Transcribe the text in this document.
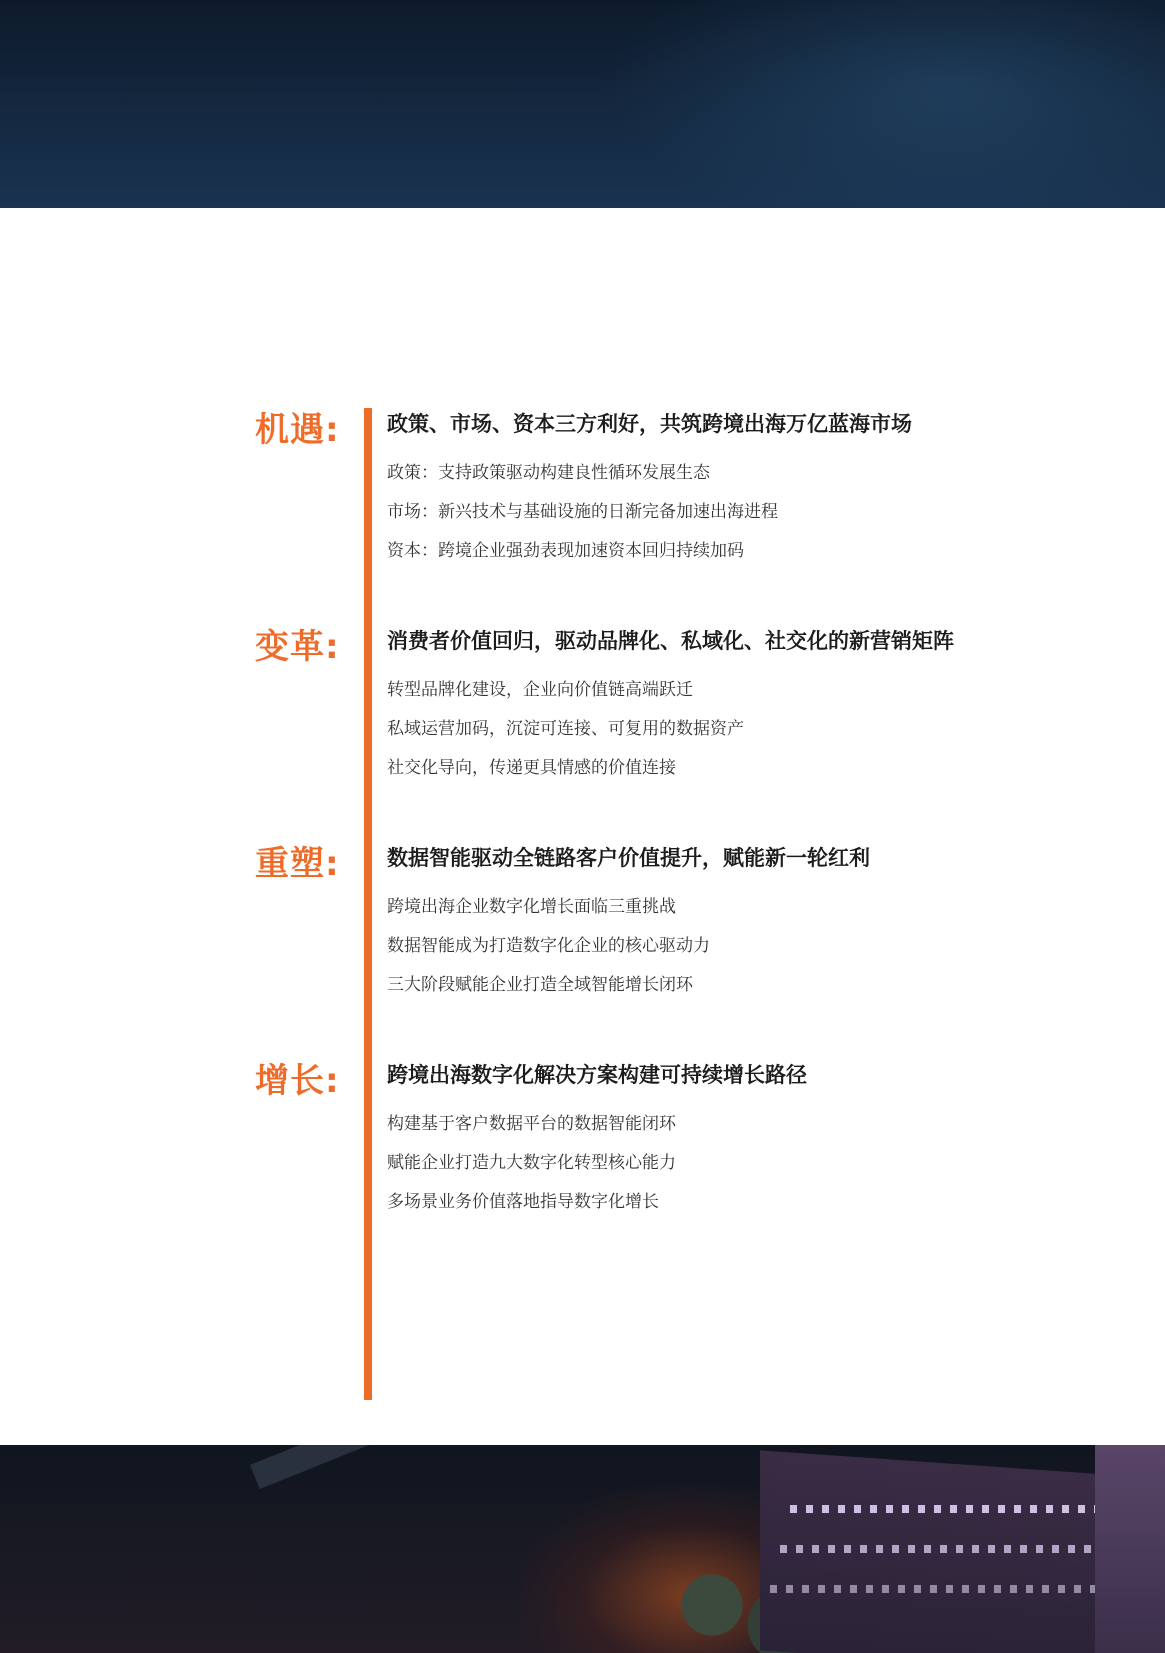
机遇: 政策、市场、资本三方利好，共筑跨境出海万亿蓝海市场
政策：支持政策驱动构建良性循环发展生态
市场：新兴技术与基础设施的日渐完备加速出海进程
资本：跨境企业强劲表现加速资本回归持续加码
变革: 消费者价值回归，驱动品牌化、私域化、社交化的新营销矩阵
转型品牌化建设，企业向价值链高端跃迁
私域运营加码，沉淀可连接、可复用的数据资产
社交化导向，传递更具情感的价值连接
重塑: 数据智能驱动全链路客户价值提升，赋能新一轮红利
跨境出海企业数字化增长面临三重挑战
数据智能成为打造数字化企业的核心驱动力
三大阶段赋能企业打造全域智能增长闭环
增长: 跨境出海数字化解决方案构建可持续增长路径
构建基于客户数据平台的数据智能闭环
赋能企业打造九大数字化转型核心能力
多场景业务价值落地指导数字化增长
